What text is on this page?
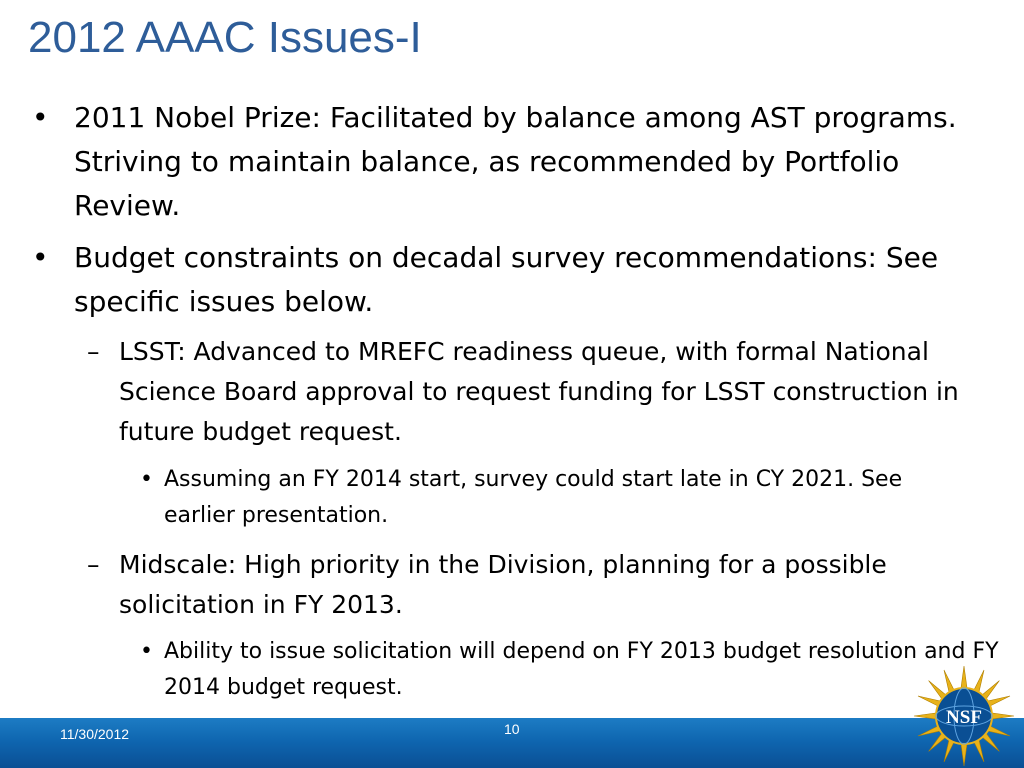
2012 AAAC Issues-I
• 2011 Nobel Prize: Facilitated by balance among AST programs. Striving to maintain balance, as recommended by Portfolio Review.
• Budget constraints on decadal survey recommendations: See specific issues below.
– LSST: Advanced to MREFC readiness queue, with formal National Science Board approval to request funding for LSST construction in future budget request.
• Assuming an FY 2014 start, survey could start late in CY 2021. See earlier presentation.
– Midscale: High priority in the Division, planning for a possible solicitation in FY 2013.
• Ability to issue solicitation will depend on FY 2013 budget resolution and FY 2014 budget request.
11/30/2012	10
NSF
